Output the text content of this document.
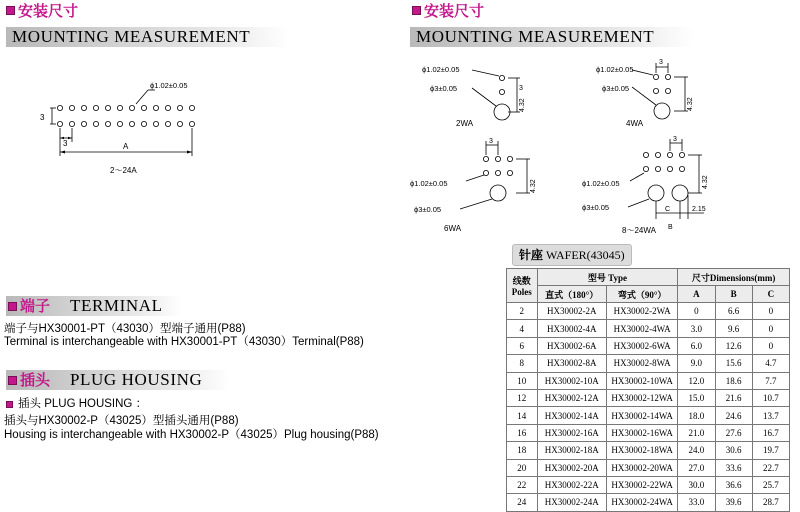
安装尺寸
MOUNTING MEASUREMENT
安装尺寸
MOUNTING MEASUREMENT
3
3	A
ϕ1.02±0.05
2～24A
ϕ1.02±0.05
ϕ3±0.05	3
4.32
2WA
3
ϕ1.02±0.05
ϕ3±0.05
4.32
4WA
3
ϕ1.02±0.05
ϕ3±0.05
4.32
6WA
3
ϕ1.02±0.05
ϕ3±0.05
4.32
C
B
2.15
8～24WA
端子 TERMINAL
端子与HX30001-PT（43030）型端子通用(P88)
Terminal is interchangeable with HX30001-PT（43030）Terminal(P88)
插头 PLUG HOUSING
插头 PLUG HOUSING ：
插头与HX30002-P（43025）型插头通用(P88)
Housing is interchangeable with HX30002-P（43025）Plug housing(P88)
针座 WAFER(43045)
线数
Poles	型号 Type		尺寸Dimensions(mm)		
	直式（180°）	弯式（90°）	A	B	C
2	HX30002-2A	HX30002-2WA	0	6.6	0
4	HX30002-4A	HX30002-4WA	3.0	9.6	0
6	HX30002-6A	HX30002-6WA	6.0	12.6	0
8	HX30002-8A	HX30002-8WA	9.0	15.6	4.7
10	HX30002-10A	HX30002-10WA	12.0	18.6	7.7
12	HX30002-12A	HX30002-12WA	15.0	21.6	10.7
14	HX30002-14A	HX30002-14WA	18.0	24.6	13.7
16	HX30002-16A	HX30002-16WA	21.0	27.6	16.7
18	HX30002-18A	HX30002-18WA	24.0	30.6	19.7
20	HX30002-20A	HX30002-20WA	27.0	33.6	22.7
22	HX30002-22A	HX30002-22WA	30.0	36.6	25.7
24	HX30002-24A	HX30002-24WA	33.0	39.6	28.7
